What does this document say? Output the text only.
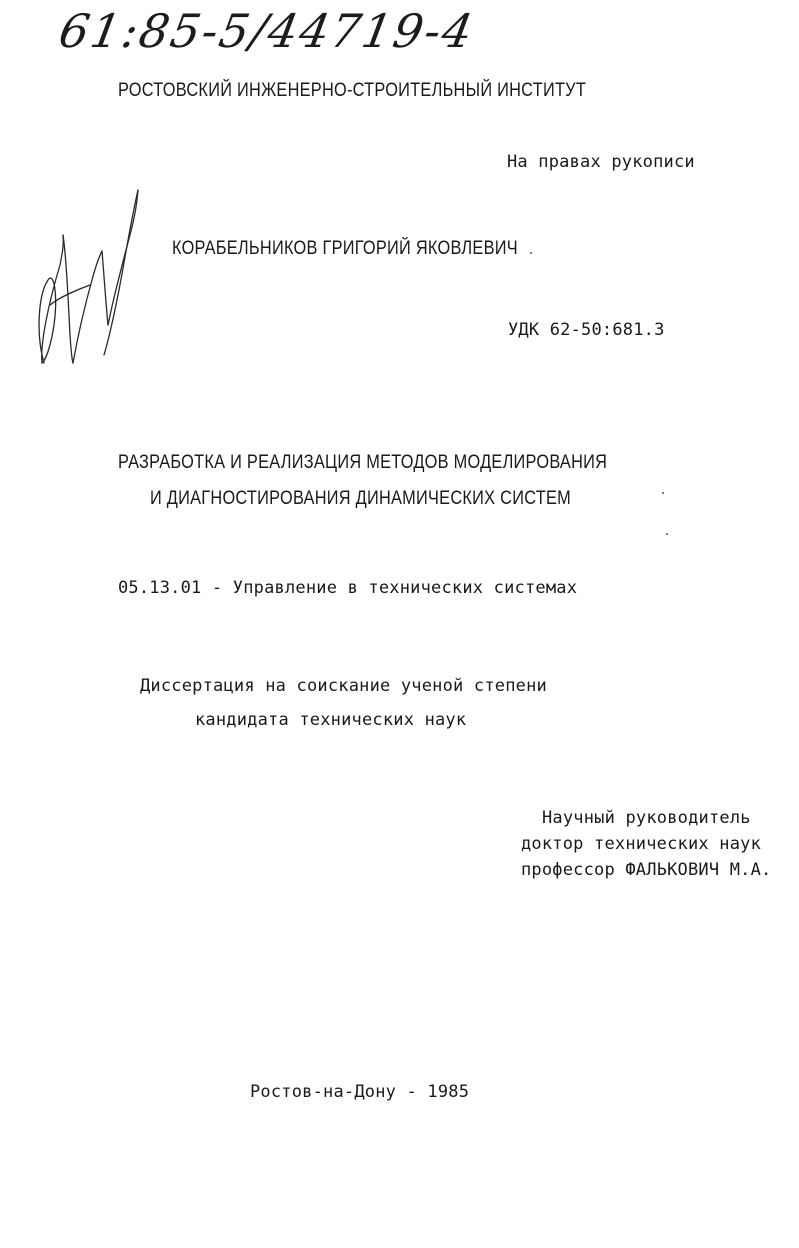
61:85-5/44719-4
РОСТОВСКИЙ ИНЖЕНЕРНО-СТРОИТЕЛЬНЫЙ ИНСТИТУТ
На правах рукописи
КОРАБЕЛЬНИКОВ ГРИГОРИЙ ЯКОВЛЕВИЧ
УДК 62-50:681.3
РАЗРАБОТКА И РЕАЛИЗАЦИЯ МЕТОДОВ МОДЕЛИРОВАНИЯ
И ДИАГНОСТИРОВАНИЯ ДИНАМИЧЕСКИХ СИСТЕМ
05.13.01 - Управление в технических системах
Диссертация на соискание ученой степени
кандидата технических наук
Научный руководитель
доктор технических наук
профессор ФАЛЬКОВИЧ М.А.
Ростов-на-Дону - 1985
